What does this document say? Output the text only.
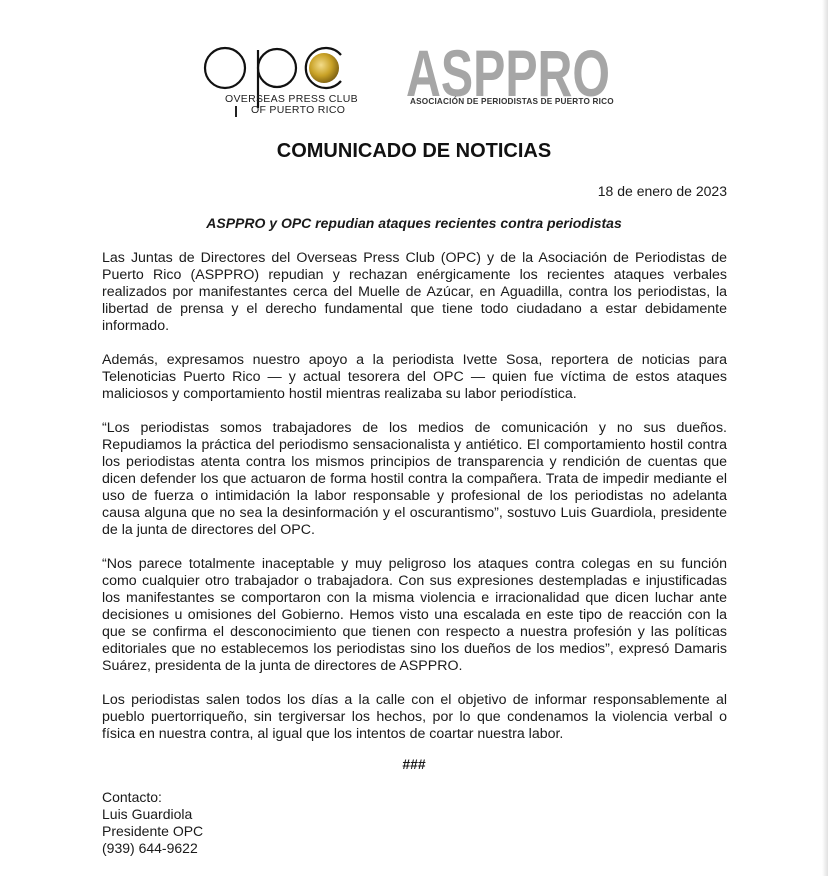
OVERSEAS PRESS CLUB
OF PUERTO RICO ASPPRO
ASOCIACIÓN DE PERIODISTAS DE PUERTO RICO
COMUNICADO DE NOTICIAS
18 de enero de 2023
ASPPRO y OPC repudian ataques recientes contra periodistas

Las Juntas de Directores del Overseas Press Club (OPC) y de la Asociación de Periodistas de Puerto Rico (ASPPRO) repudian y rechazan enérgicamente los recientes ataques verbales realizados por manifestantes cerca del Muelle de Azúcar, en Aguadilla, contra los periodistas, la libertad de prensa y el derecho fundamental que tiene todo ciudadano a estar debidamente informado.

Además, expresamos nuestro apoyo a la periodista Ivette Sosa, reportera de noticias para Telenoticias Puerto Rico — y actual tesorera del OPC — quien fue víctima de estos ataques maliciosos y comportamiento hostil mientras realizaba su labor periodística.

“Los periodistas somos trabajadores de los medios de comunicación y no sus dueños. Repudiamos la práctica del periodismo sensacionalista y antiético. El comportamiento hostil contra los periodistas atenta contra los mismos principios de transparencia y rendición de cuentas que dicen defender los que actuaron de forma hostil contra la compañera. Trata de impedir mediante el uso de fuerza o intimidación la labor responsable y profesional de los periodistas no adelanta causa alguna que no sea la desinformación y el oscurantismo”, sostuvo Luis Guardiola, presidente de la junta de directores del OPC.

“Nos parece totalmente inaceptable y muy peligroso los ataques contra colegas en su función como cualquier otro trabajador o trabajadora. Con sus expresiones destempladas e injustificadas los manifestantes se comportaron con la misma violencia e irracionalidad que dicen luchar ante decisiones u omisiones del Gobierno. Hemos visto una escalada en este tipo de reacción con la que se confirma el desconocimiento que tienen con respecto a nuestra profesión y las políticas editoriales que no establecemos los periodistas sino los dueños de los medios”, expresó Damaris Suárez, presidenta de la junta de directores de ASPPRO.

Los periodistas salen todos los días a la calle con el objetivo de informar responsablemente al pueblo puertorriqueño, sin tergiversar los hechos, por lo que condenamos la violencia verbal o física en nuestra contra, al igual que los intentos de coartar nuestra labor.

###
Contacto:
Luis Guardiola
Presidente OPC
(939) 644-9622
